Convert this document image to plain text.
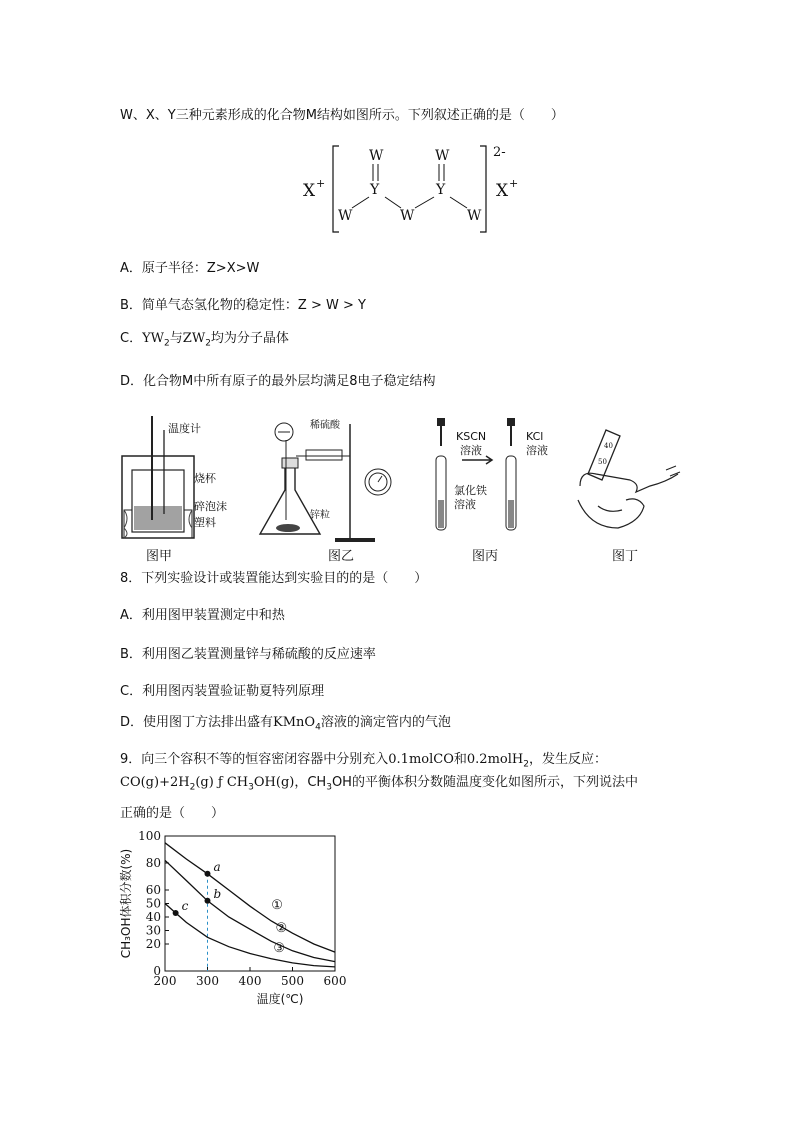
W、X、Y三种元素形成的化合物M结构如图所示。下列叙述正确的是（　　）
X +
2-
X +
W	W
Y	Y
W	W	W
A．原子半径：Z>X>W
B．简单气态氢化物的稳定性：Z > W > Y
C．$YW_2$与$ZW_2$均为分子晶体
D．化合物M中所有原子的最外层均满足8电子稳定结构
温度计
烧杯
碎泡沫
塑料
图甲
稀硫酸
锌粒
图乙
KSCN
溶液
KCl
溶液
氯化铁
溶液
图丙
40
50
图丁
8．下列实验设计或装置能达到实验目的的是（　　）
A．利用图甲装置测定中和热
B．利用图乙装置测量锌与稀硫酸的反应速率
C．利用图丙装置验证勒夏特列原理
D．使用图丁方法排出盛有KMnO$_4$溶液的滴定管内的气泡
9．向三个容积不等的恒容密闭容器中分别充入0.1molCO和0.2molH$_2$，发生反应：
$CO(g)+2H_2(g)$ ƒ $CH_3OH(g)$，$CH_3OH$的平衡体积分数随温度变化如图所示，下列说法中
正确的是（　　）
200 300 400 500 600
0
20
30
40
50
60
80
100
温度(℃)
CH₃OH体积分数(%)	①
②
③
a
b
c
